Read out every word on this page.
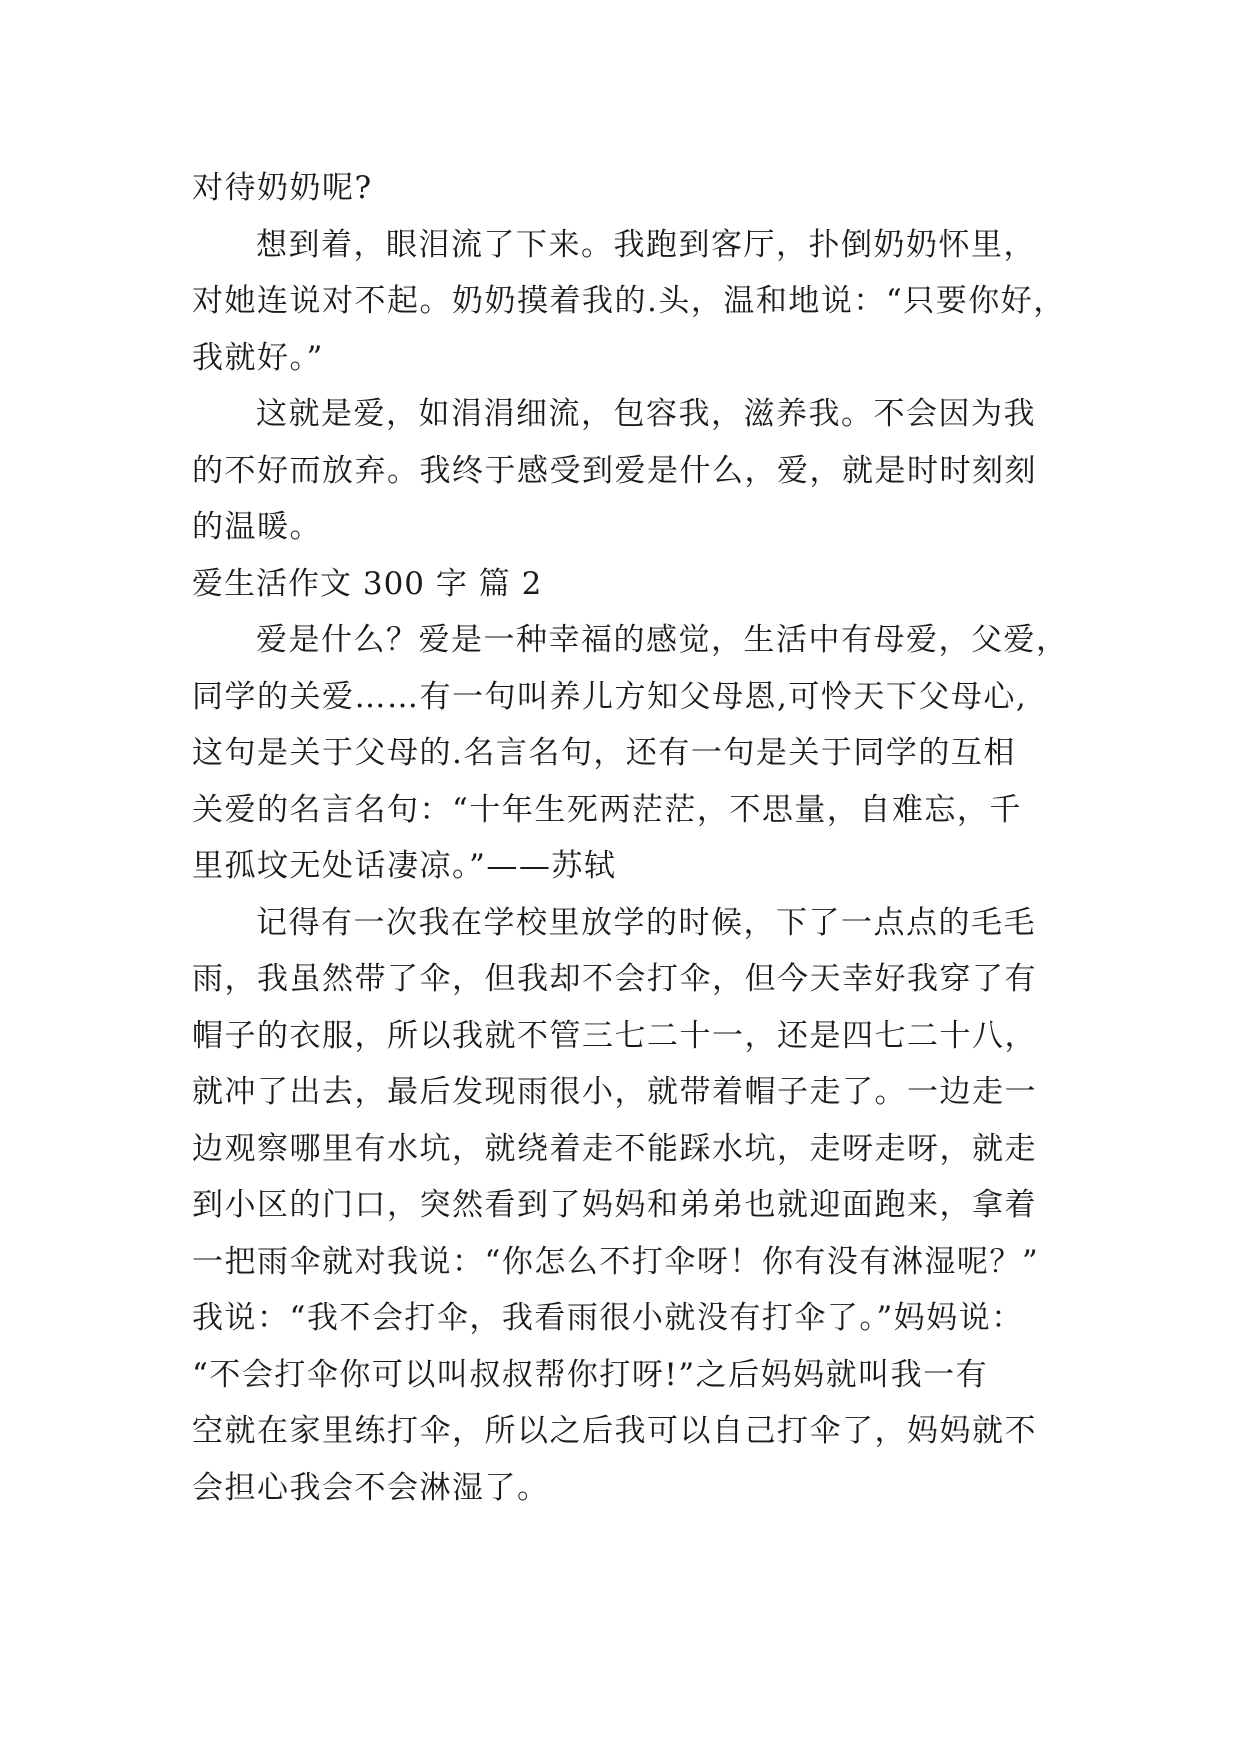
对待奶奶呢?
想到着，眼泪流了下来。我跑到客厅，扑倒奶奶怀里，
对她连说对不起。奶奶摸着我的.头，温和地说：“只要你好，
我就好。”
这就是爱，如涓涓细流，包容我，滋养我。不会因为我
的不好而放弃。我终于感受到爱是什么，爱，就是时时刻刻
的温暖。
爱生活作文 300 字 篇 2
爱是什么？爱是一种幸福的感觉，生活中有母爱，父爱，
同学的关爱……有一句叫养儿方知父母恩,可怜天下父母心,
这句是关于父母的.名言名句，还有一句是关于同学的互相
关爱的名言名句：“十年生死两茫茫，不思量，自难忘，千
里孤坟无处话凄凉。”——苏轼
记得有一次我在学校里放学的时候，下了一点点的毛毛
雨，我虽然带了伞，但我却不会打伞，但今天幸好我穿了有
帽子的衣服，所以我就不管三七二十一，还是四七二十八，
就冲了出去，最后发现雨很小，就带着帽子走了。一边走一
边观察哪里有水坑，就绕着走不能踩水坑，走呀走呀，就走
到小区的门口，突然看到了妈妈和弟弟也就迎面跑来，拿着
一把雨伞就对我说：“你怎么不打伞呀！你有没有淋湿呢？”
我说：“我不会打伞，我看雨很小就没有打伞了。”妈妈说：
“不会打伞你可以叫叔叔帮你打呀!”之后妈妈就叫我一有
空就在家里练打伞，所以之后我可以自己打伞了，妈妈就不
会担心我会不会淋湿了。
